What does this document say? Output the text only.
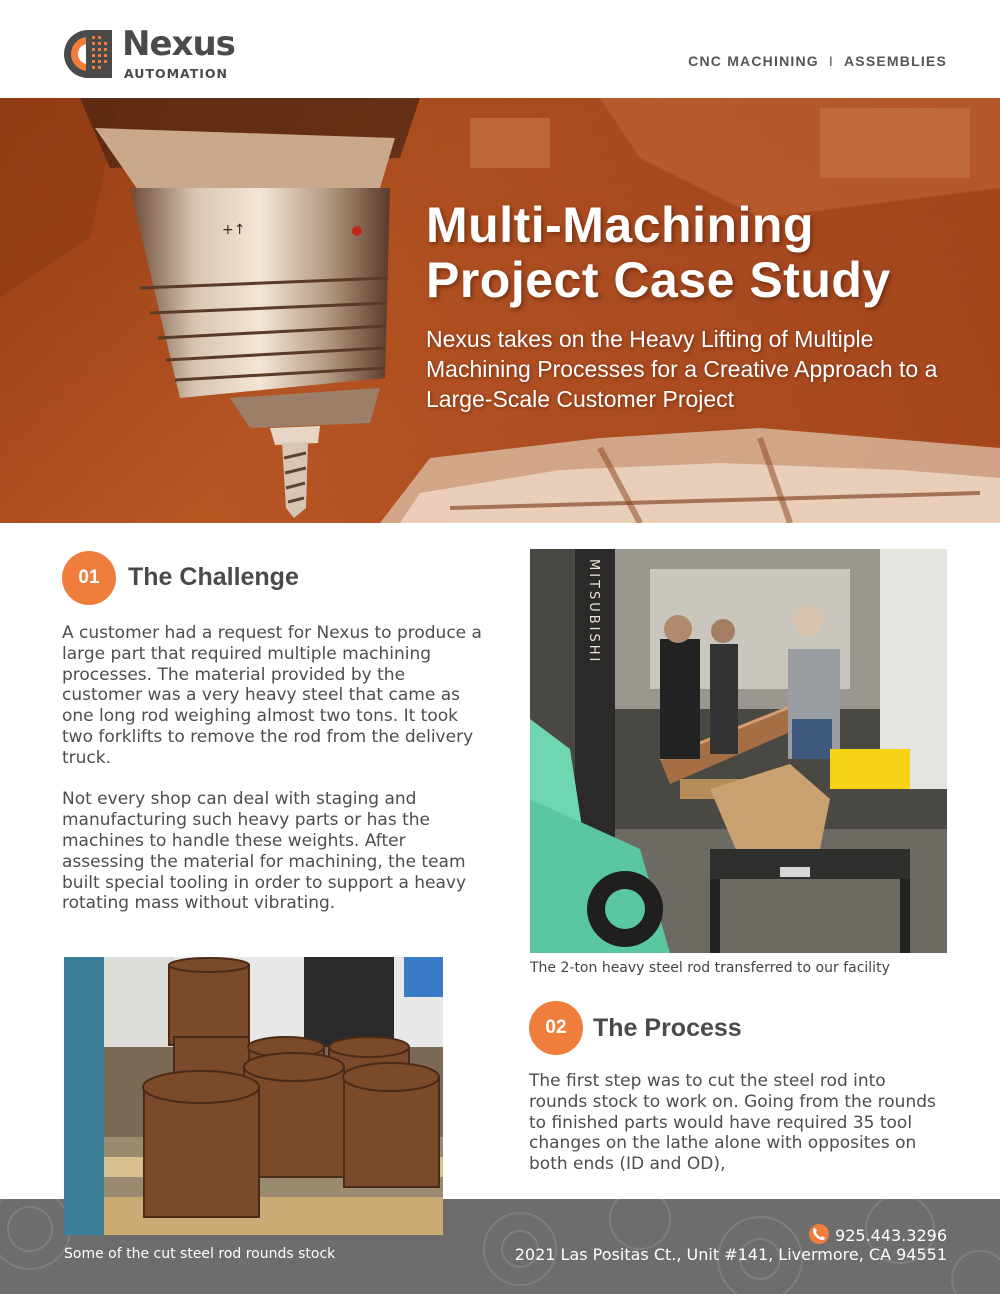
Nexus
AUTOMATION
CNC MACHINING I ASSEMBLIES
+↑	Multi-Machining
Project Case Study
Nexus takes on the Heavy Lifting of Multiple Machining Processes for a Creative Approach to a Large-Scale Customer Project
01	The Challenge

A customer had a request for Nexus to produce a large part that required multiple machining processes. The material provided by the customer was a very heavy steel that came as one long rod weighing almost two tons. It took two forklifts to remove the rod from the delivery truck.

Not every shop can deal with staging and manufacturing such heavy parts or has the machines to handle these weights. After assessing the material for machining, the team built special tooling in order to support a heavy rotating mass without vibrating.

MITSUBISHI
The 2-ton heavy steel rod transferred to our facility
02	The Process

The first step was to cut the steel rod into rounds stock to work on. Going from the rounds to finished parts would have required 35 tool changes on the lathe alone with opposites on both ends (ID and OD),

Some of the cut steel rod rounds stock
925.443.3296
2021 Las Positas Ct., Unit #141, Livermore, CA 94551
